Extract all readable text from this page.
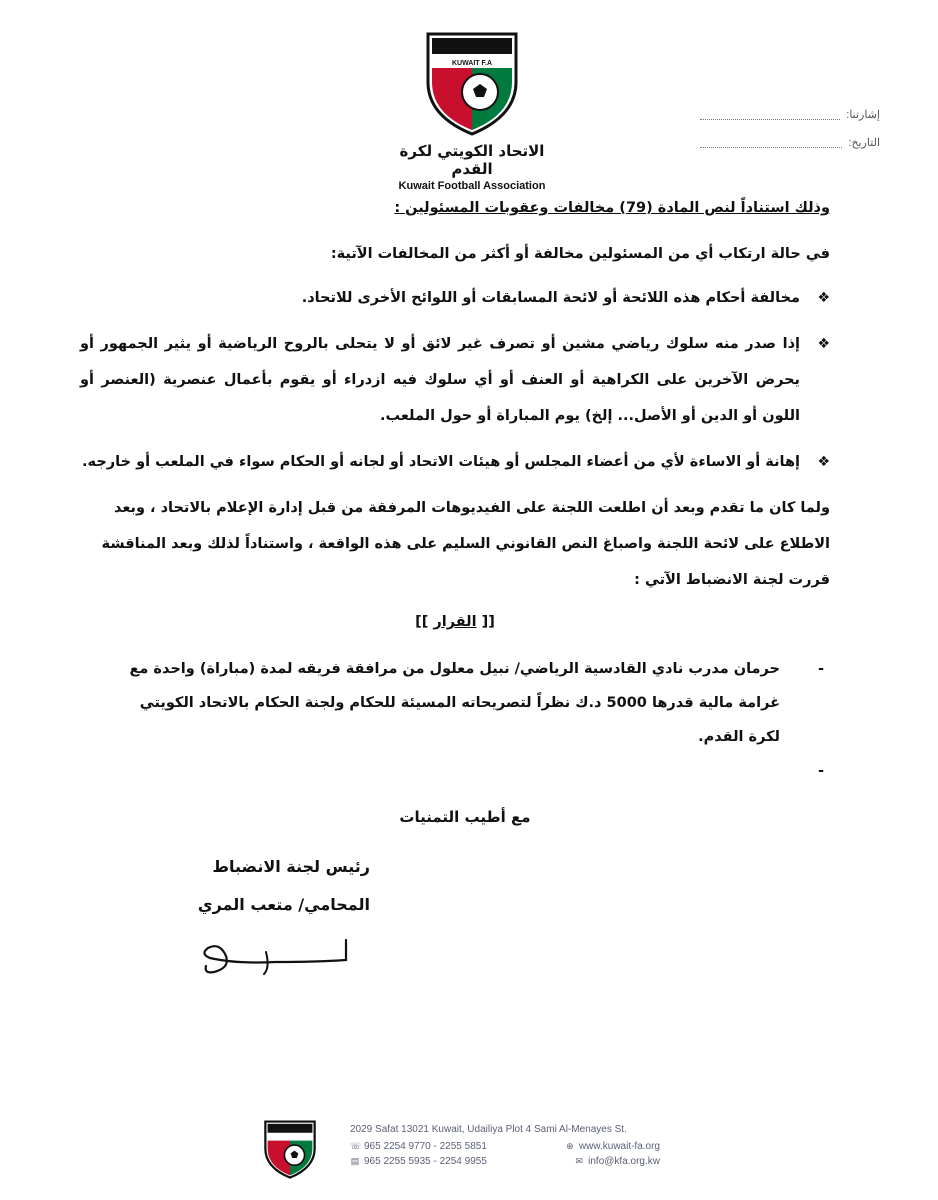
KUWAIT F.A
الاتحاد الكويتي لكرة القدم
Kuwait Football Association
إشارتنا:
التاريخ:
وذلك استناداً لنص المادة (79) مخالفات وعقوبات المسئولين :

في حالة ارتكاب أي من المسئولين مخالفة أو أكثر من المخالفات الآتية:

❖
مخالفة أحكام هذه اللائحة أو لائحة المسابقات أو اللوائح الأخرى للاتحاد.
❖
إذا صدر منه سلوك رياضي مشين أو تصرف غير لائق أو لا يتحلى بالروح الرياضية أو يثير الجمهور أو يحرض الآخرين على الكراهية أو العنف أو أي سلوك فيه ازدراء أو يقوم بأعمال عنصرية (العنصر أو اللون أو الدين أو الأصل... إلخ) يوم المباراة أو حول الملعب.
❖
إهانة أو الاساءة لأي من أعضاء المجلس أو هيئات الاتحاد أو لجانه أو الحكام سواء في الملعب أو خارجه.

ولما كان ما تقدم وبعد أن اطلعت اللجنة على الفيديوهات المرفقة من قبل إدارة الإعلام بالاتحاد ، وبعد الاطلاع على لائحة اللجنة واصباغ النص القانوني السليم على هذه الواقعة ، واستناداً لذلك وبعد المناقشة قررت لجنة الانضباط الآتي :

[[ القرار ]]
-
حرمان مدرب نادي القادسية الرياضي/ نبيل معلول من مرافقة فريقه لمدة (مباراة) واحدة مع غرامة مالية قدرها 5000 د.ك نظراً لتصريحاته المسيئة للحكام ولجنة الحكام بالاتحاد الكويتي لكرة القدم.
-
مع أطيب التمنيات
رئيس لجنة الانضباط
المحامي/ متعب المري
2029 Safat 13021 Kuwait, Udailiya Plot 4 Sami Al-Menayes St.
☏ 965 2254 9770 - 2255 5851	⊕ www.kuwait-fa.org
▤ 965 2255 5935 - 2254 9955	✉ info@kfa.org.kw
